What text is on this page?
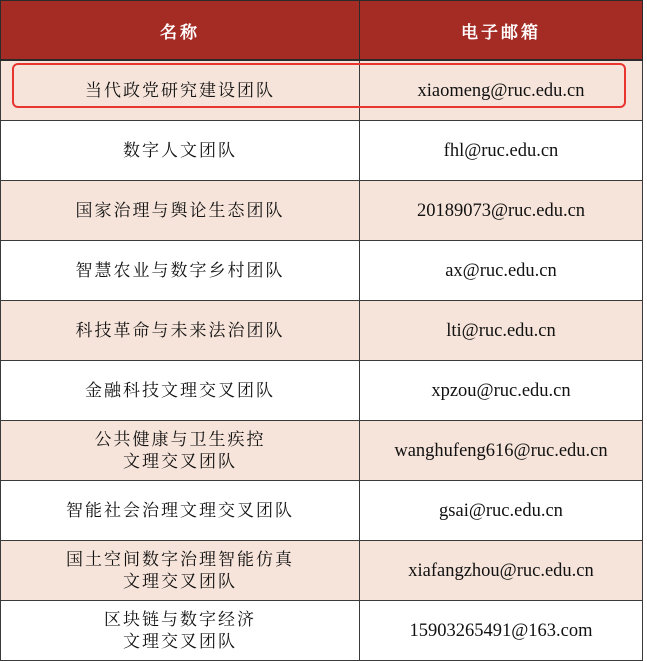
名称	电子邮箱
当代政党研究建设团队	xiaomeng@ruc.edu.cn
数字人文团队	fhl@ruc.edu.cn
国家治理与舆论生态团队	20189073@ruc.edu.cn
智慧农业与数字乡村团队	ax@ruc.edu.cn
科技革命与未来法治团队	lti@ruc.edu.cn
金融科技文理交叉团队	xpzou@ruc.edu.cn
公共健康与卫生疾控
文理交叉团队	wanghufeng616@ruc.edu.cn
智能社会治理文理交叉团队	gsai@ruc.edu.cn
国土空间数字治理智能仿真
文理交叉团队	xiafangzhou@ruc.edu.cn
区块链与数字经济
文理交叉团队	15903265491@163.com
